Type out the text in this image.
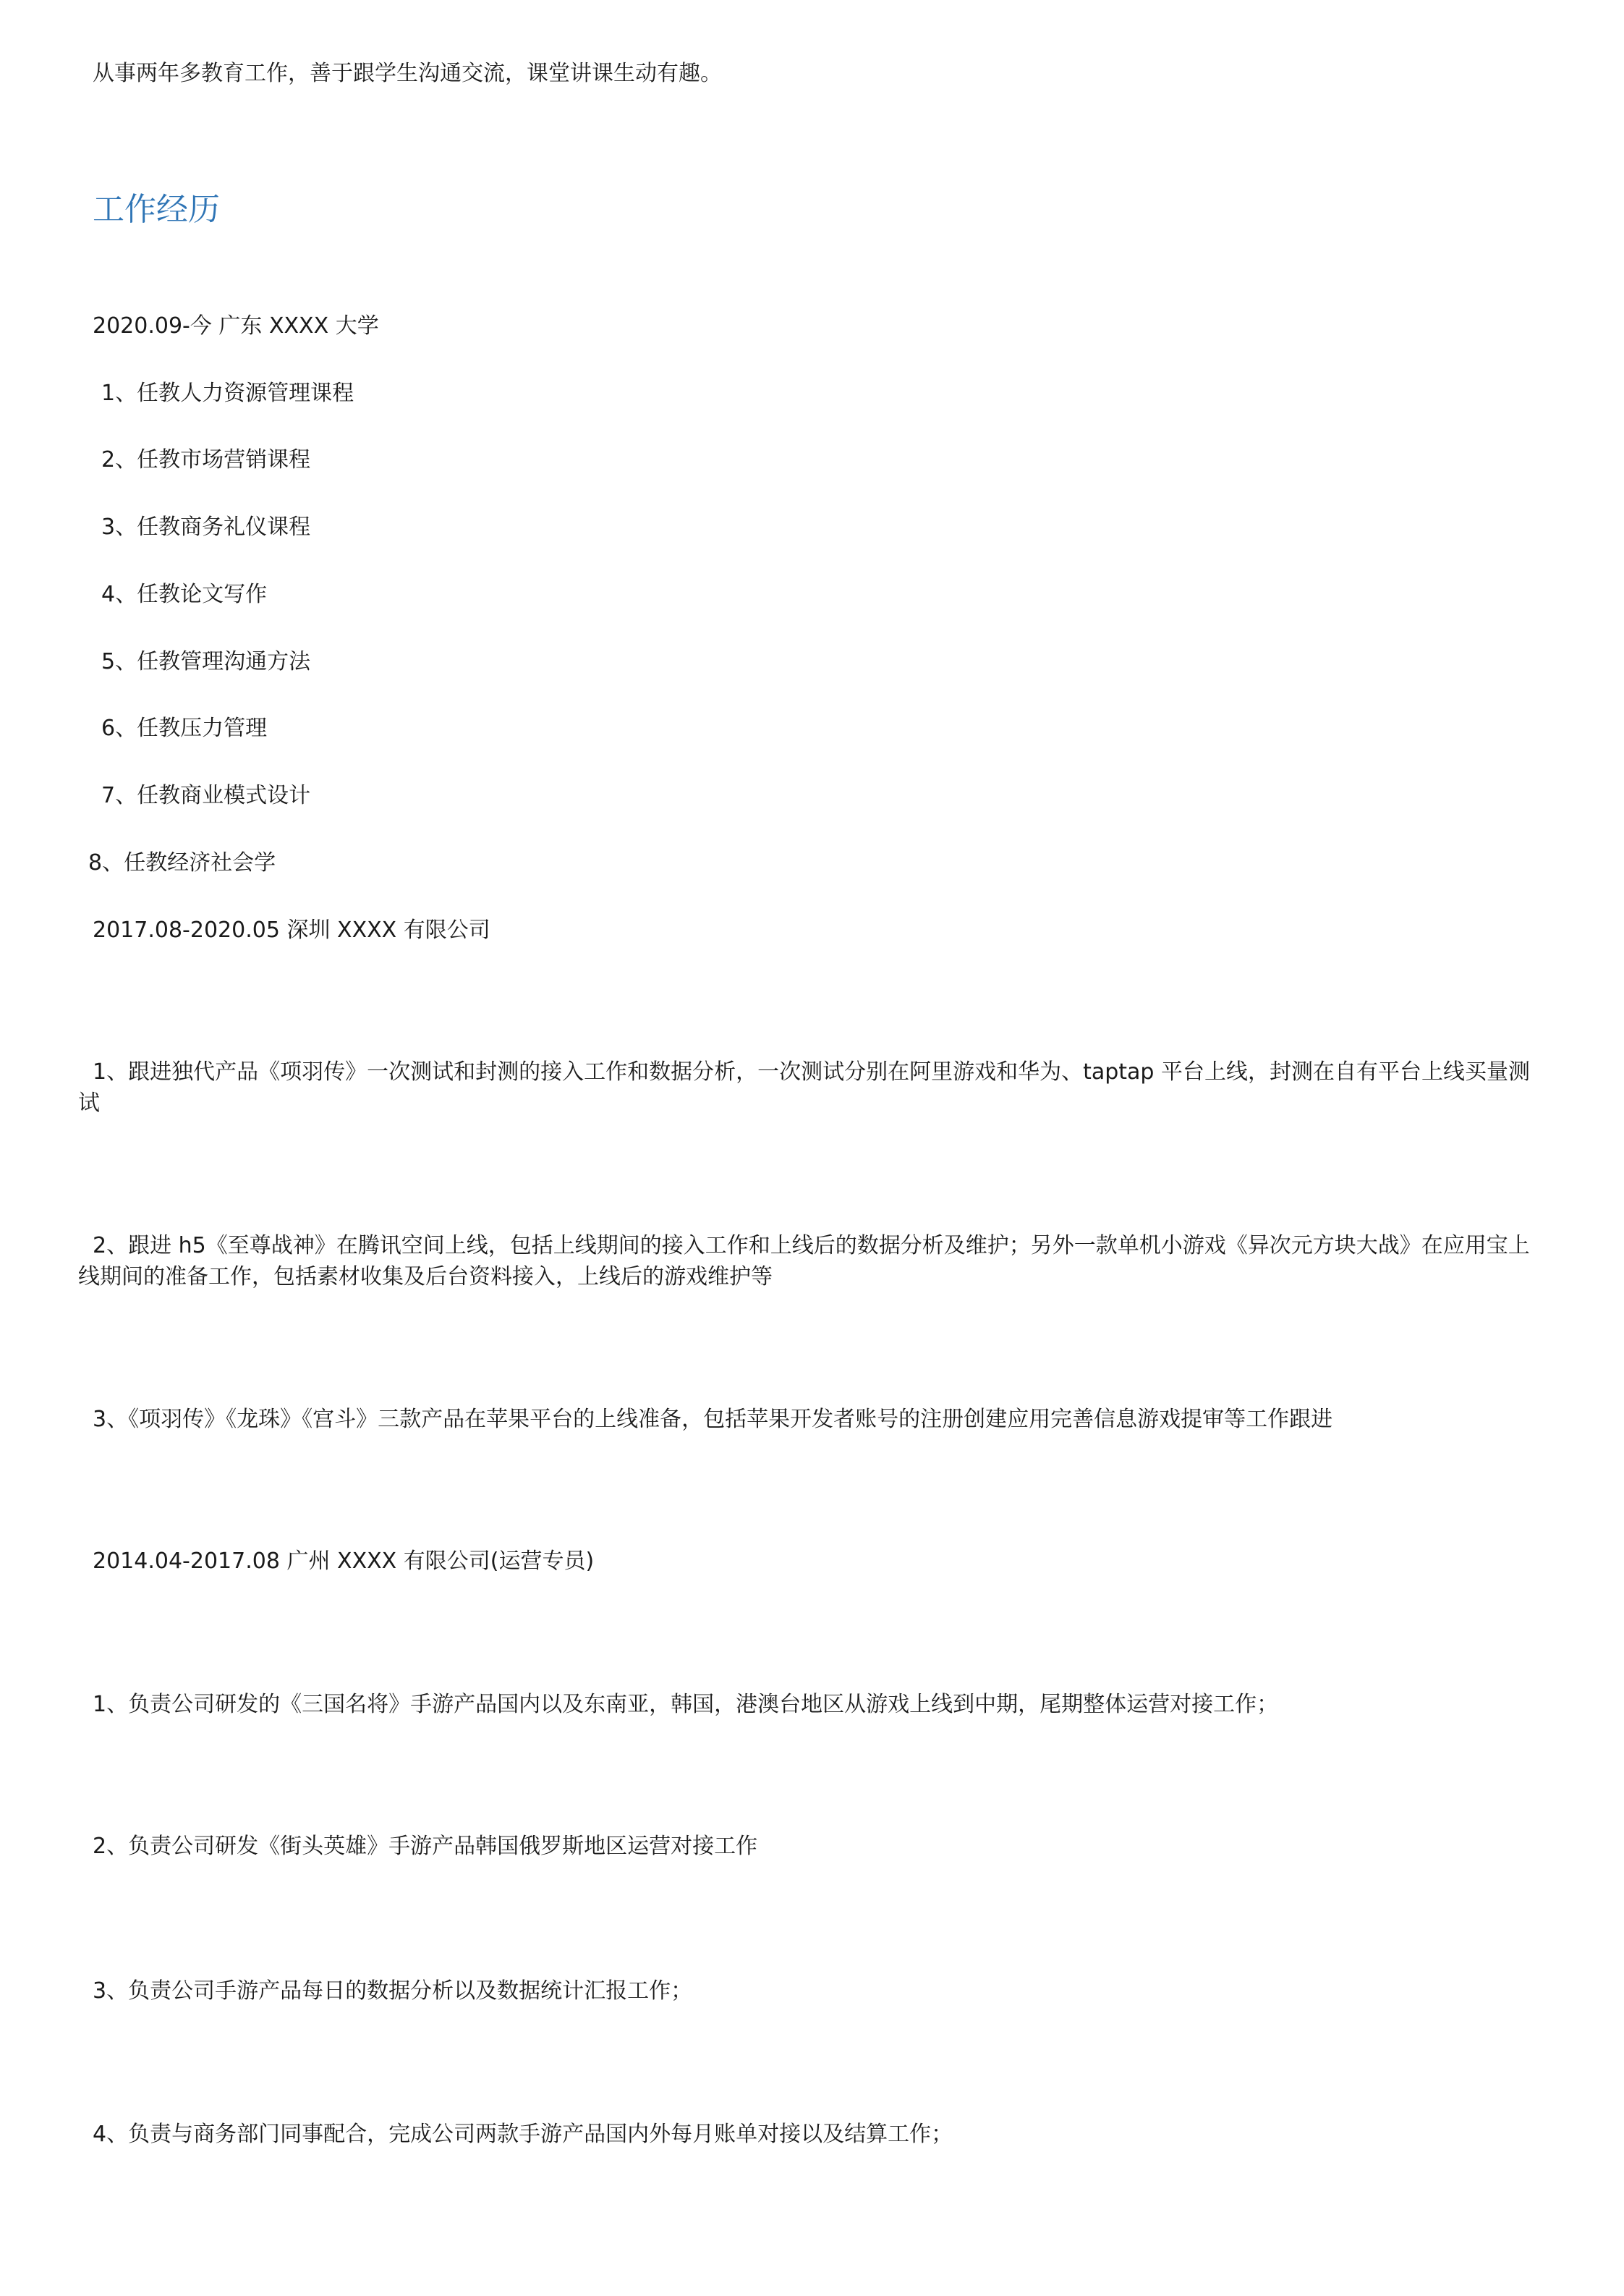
从事两年多教育工作，善于跟学生沟通交流，课堂讲课生动有趣。

工作经历

2020.09-今 广东 XXXX 大学

1、任教人力资源管理课程

2、任教市场营销课程

3、任教商务礼仪课程

4、任教论文写作

5、任教管理沟通方法

6、任教压力管理

7、任教商业模式设计

8、任教经济社会学

2017.08-2020.05 深圳 XXXX 有限公司

1、跟进独代产品《项羽传》一次测试和封测的接入工作和数据分析，一次测试分别在阿里游戏和华为、taptap 平台上线，封测在自有平台上线买量测试

2、跟进 h5《至尊战神》在腾讯空间上线，包括上线期间的接入工作和上线后的数据分析及维护；另外一款单机小游戏《异次元方块大战》在应用宝上线期间的准备工作，包括素材收集及后台资料接入，上线后的游戏维护等

3、《项羽传》《龙珠》《宫斗》三款产品在苹果平台的上线准备，包括苹果开发者账号的注册创建应用完善信息游戏提审等工作跟进

2014.04-2017.08 广州 XXXX 有限公司(运营专员)

1、负责公司研发的《三国名将》手游产品国内以及东南亚，韩国，港澳台地区从游戏上线到中期，尾期整体运营对接工作；

2、负责公司研发《街头英雄》手游产品韩国俄罗斯地区运营对接工作

3、负责公司手游产品每日的数据分析以及数据统计汇报工作；

4、负责与商务部门同事配合，完成公司两款手游产品国内外每月账单对接以及结算工作；
